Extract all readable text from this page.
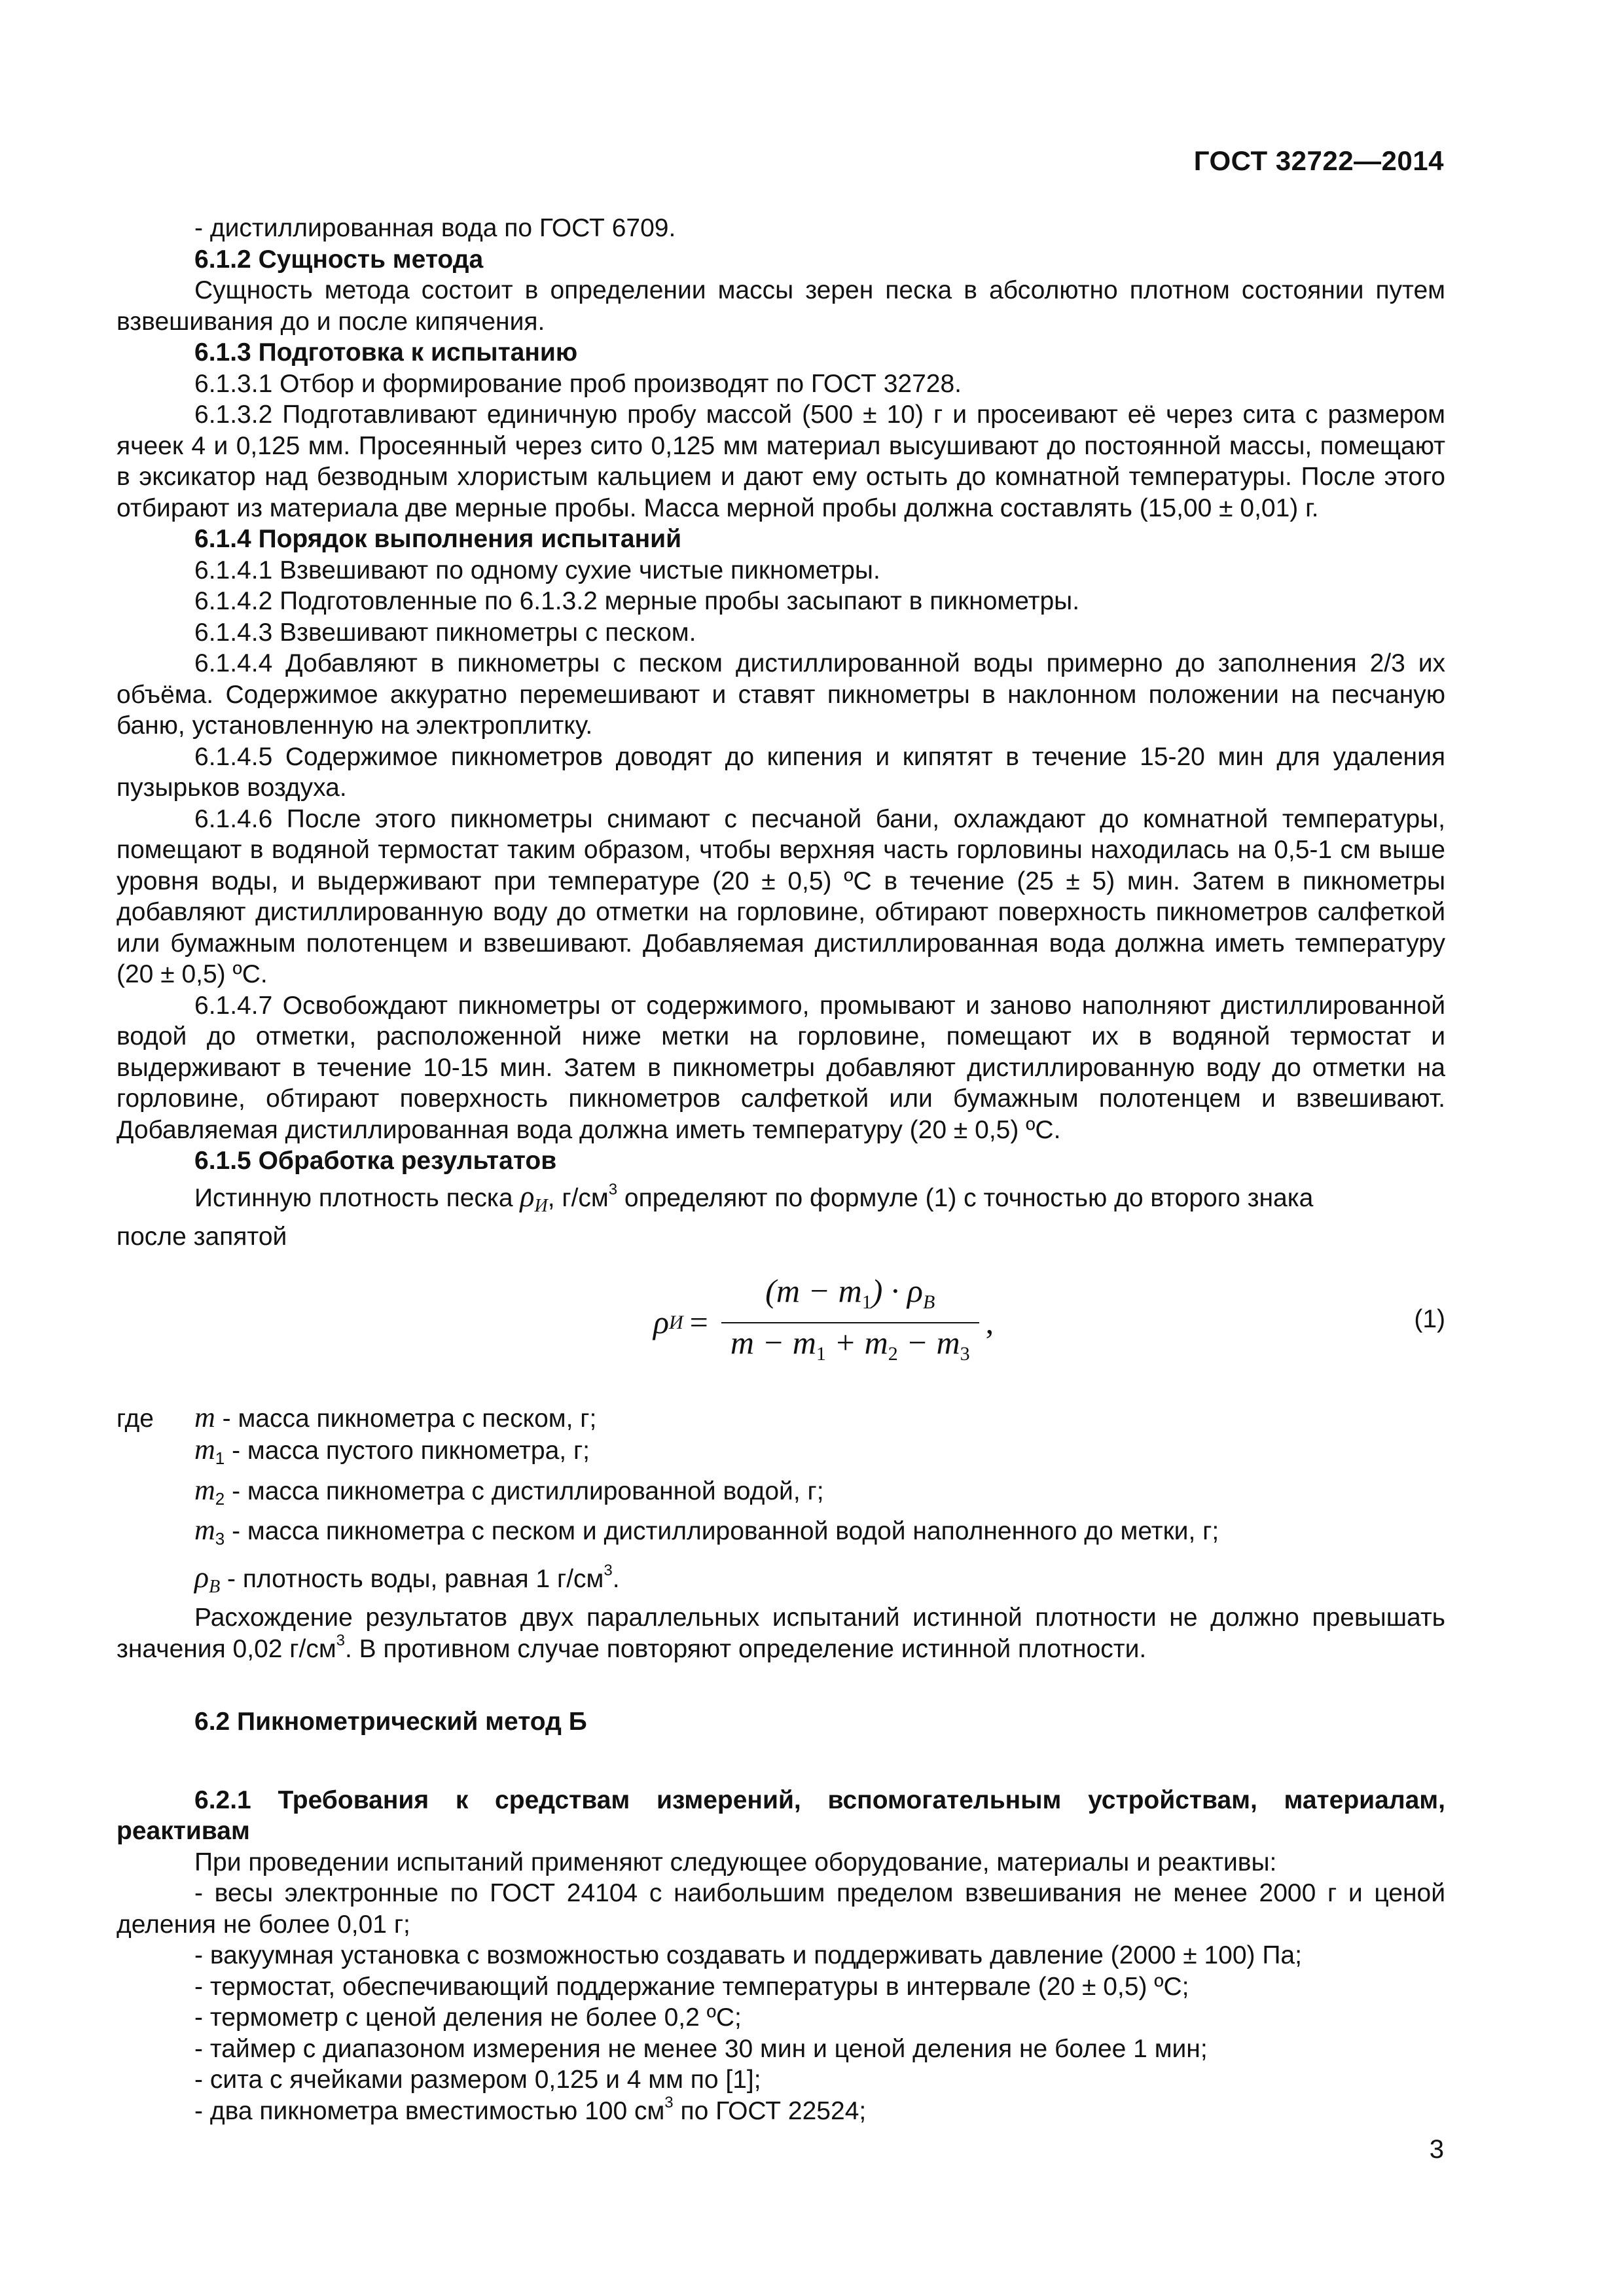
ГОСТ 32722—2014

- дистиллированная вода по ГОСТ 6709.

6.1.2 Сущность метода

Сущность метода состоит в определении массы зерен песка в абсолютно плотном состоянии путем взвешивания до и после кипячения.

6.1.3 Подготовка к испытанию

6.1.3.1 Отбор и формирование проб производят по ГОСТ 32728.

6.1.3.2 Подготавливают единичную пробу массой (500 ± 10) г и просеивают её через сита с размером ячеек 4 и 0,125 мм. Просеянный через сито 0,125 мм материал высушивают до постоянной массы, помещают в эксикатор над безводным хлористым кальцием и дают ему остыть до комнатной температуры. После этого отбирают из материала две мерные пробы. Масса мерной пробы должна составлять (15,00 ± 0,01) г.

6.1.4 Порядок выполнения испытаний

6.1.4.1 Взвешивают по одному сухие чистые пикнометры.

6.1.4.2 Подготовленные по 6.1.3.2 мерные пробы засыпают в пикнометры.

6.1.4.3 Взвешивают пикнометры с песком.

6.1.4.4 Добавляют в пикнометры с песком дистиллированной воды примерно до заполнения 2/3 их объёма. Содержимое аккуратно перемешивают и ставят пикнометры в наклонном положении на песчаную баню, установленную на электроплитку.

6.1.4.5 Содержимое пикнометров доводят до кипения и кипятят в течение 15-20 мин для удаления пузырьков воздуха.

6.1.4.6 После этого пикнометры снимают с песчаной бани, охлаждают до комнатной температуры, помещают в водяной термостат таким образом, чтобы верхняя часть горловины находилась на 0,5-1 см выше уровня воды, и выдерживают при температуре (20 ± 0,5) ºС в течение (25 ± 5) мин. Затем в пикнометры добавляют дистиллированную воду до отметки на горловине, обтирают поверхность пикнометров салфеткой или бумажным полотенцем и взвешивают. Добавляемая дистиллированная вода должна иметь температуру (20 ± 0,5) ºС.

6.1.4.7 Освобождают пикнометры от содержимого, промывают и заново наполняют дистиллированной водой до отметки, расположенной ниже метки на горловине, помещают их в водяной термостат и выдерживают в течение 10-15 мин. Затем в пикнометры добавляют дистиллированную воду до отметки на горловине, обтирают поверхность пикнометров салфеткой или бумажным полотенцем и взвешивают. Добавляемая дистиллированная вода должна иметь температуру (20 ± 0,5) ºС.

6.1.5 Обработка результатов

Истинную плотность песка $\rho_И$, $г/см^3$ определяют по формуле (1) с точностью до второго знака

после запятой

ρ $И = \frac{(m - m_1) \cdot \rho_В}{m - m_1 + m_2 - m_3}$ ,	(1)
где	m - масса пикнометра с песком, г;
$m_1$ - масса пустого пикнометра, г;
$m_2$ - масса пикнометра с дистиллированной водой, г;
$m_3$ - масса пикнометра с песком и дистиллированной водой наполненного до метки, г;
$\rho_В$ - плотность воды, равная 1 $г/см^3$.

Расхождение результатов двух параллельных испытаний истинной плотности не должно превышать значения 0,02 $г/см^3$. В противном случае повторяют определение истинной плотности.

6.2 Пикнометрический метод Б

6.2.1 Требования к средствам измерений, вспомогательным устройствам, материалам, реактивам

При проведении испытаний применяют следующее оборудование, материалы и реактивы:

- весы электронные по ГОСТ 24104 с наибольшим пределом взвешивания не менее 2000 г и ценой деления не более 0,01 г;

- вакуумная установка с возможностью создавать и поддерживать давление (2000 ± 100) Па;

- термостат, обеспечивающий поддержание температуры в интервале (20 ± 0,5) ºС;

- термометр с ценой деления не более 0,2 ºС;

- таймер с диапазоном измерения не менее 30 мин и ценой деления не более 1 мин;

- сита с ячейками размером 0,125 и 4 мм по [1];

- два пикнометра вместимостью 100 $см^3$ по ГОСТ 22524;

3
